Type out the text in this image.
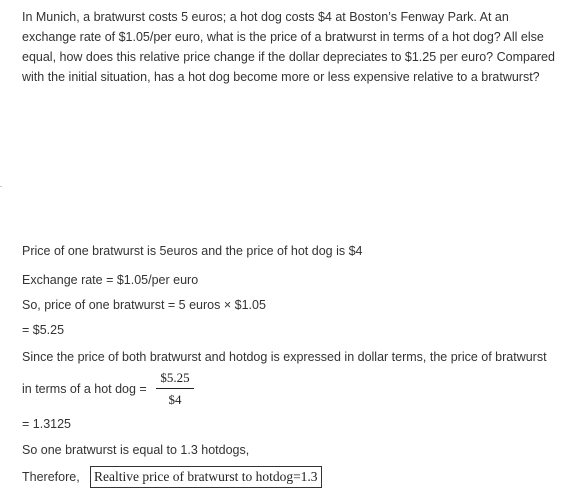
In Munich, a bratwurst costs 5 euros; a hot dog costs $4 at Boston’s Fenway Park. At an exchange rate of $1.05/per euro, what is the price of a bratwurst in terms of a hot dog? All else equal, how does this relative price change if the dollar depreciates to $1.25 per euro? Compared with the initial situation, has a hot dog become more or less expensive relative to a bratwurst?

Price of one bratwurst is 5euros and the price of hot dog is $4
Exchange rate = $1.05/per euro
So, price of one bratwurst = 5 euros × $1.05
= $5.25
Since the price of both bratwurst and hotdog is expressed in dollar terms, the price of bratwurst
in terms of a hot dog =
$5.25
$4
= 1.3125
So one bratwurst is equal to 1.3 hotdogs,
Therefore, Realtive price of bratwurst to hotdog=1.3
